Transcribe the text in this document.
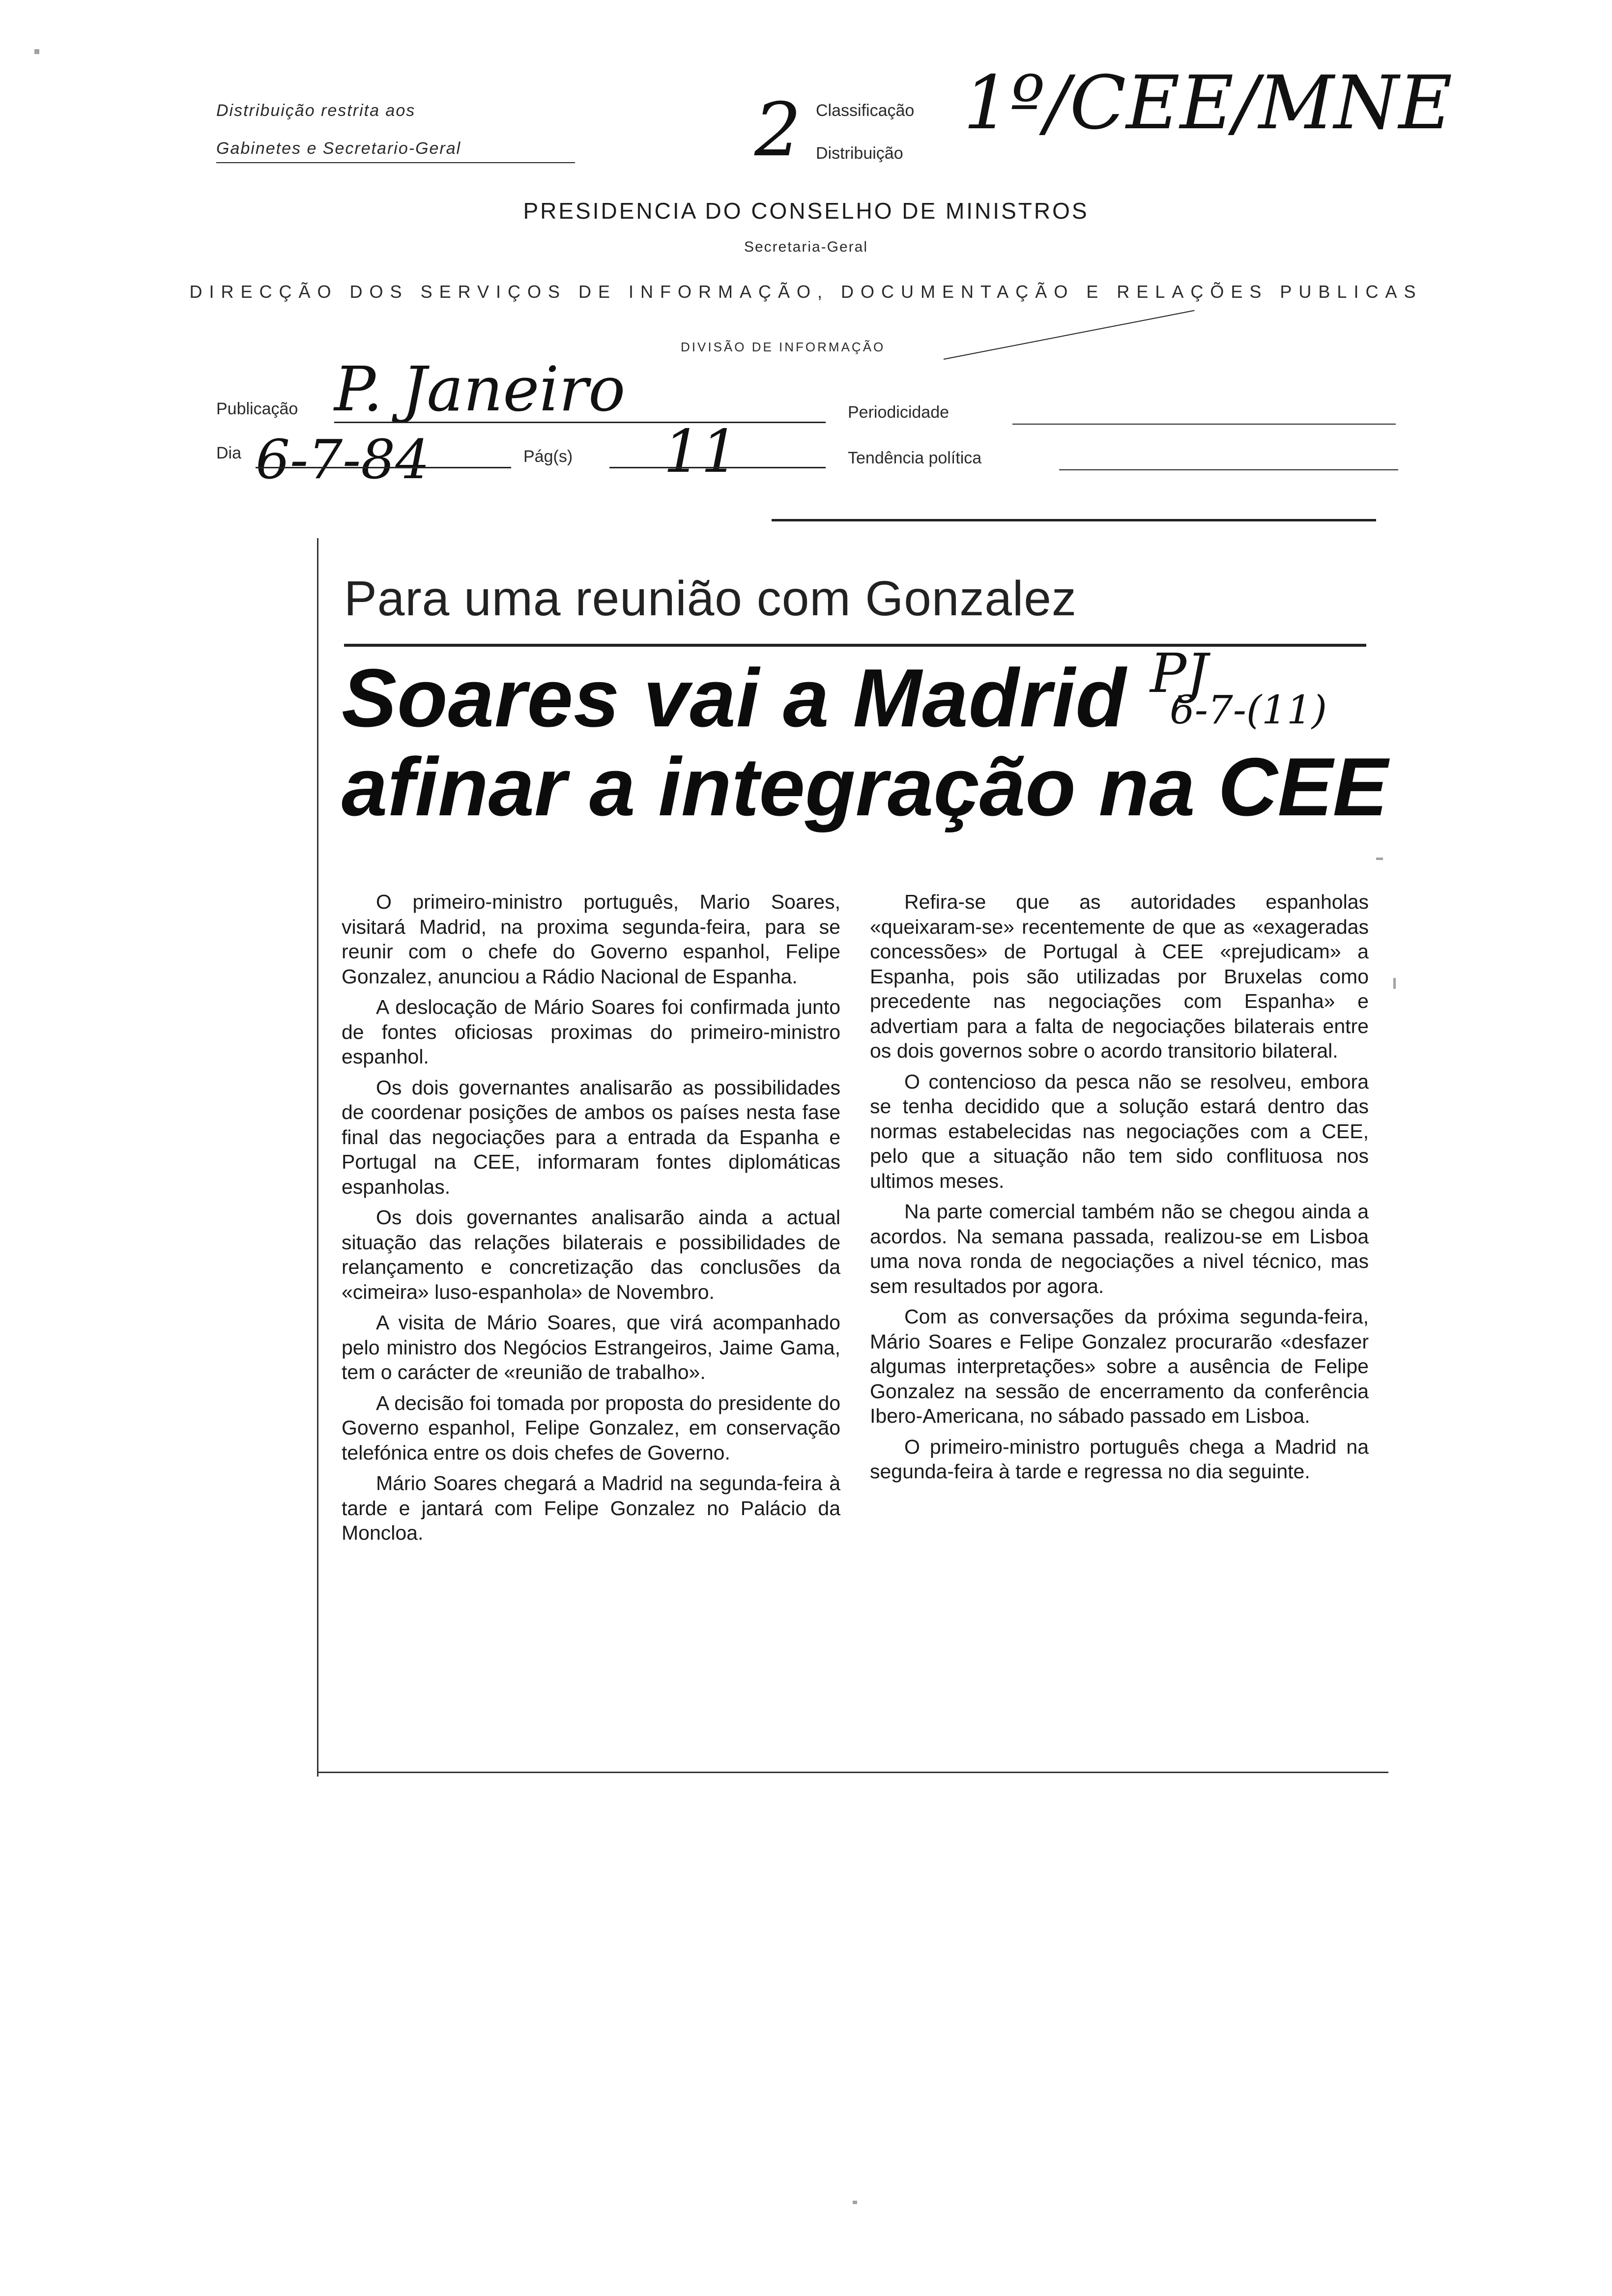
Distribuição restrita aos
Gabinetes e Secretario-Geral	2 Classificação
Distribuição
1º/CEE/MNE
PRESIDENCIA DO CONSELHO DE MINISTROS
Secretaria-Geral
DIRECÇÃO DOS SERVIÇOS DE INFORMAÇÃO, DOCUMENTAÇÃO E RELAÇÕES PUBLICAS
DIVISÃO DE INFORMAÇÃO
Publicação P. Janeiro	Periodicidade
Dia 6-7-84	Pág(s) 11	Tendência política
Para uma reunião com Gonzalez
Soares vai a Madrid
afinar a integração na CEE
PJ
6-7-(11)

O primeiro-ministro português, Mario Soares, visitará Madrid, na proxima segunda-feira, para se reunir com o chefe do Governo espanhol, Felipe Gonzalez, anunciou a Rádio Nacional de Espanha.

A deslocação de Mário Soares foi confirmada junto de fontes oficiosas proximas do primeiro-ministro espanhol.

Os dois governantes analisarão as possibilidades de coordenar posições de ambos os países nesta fase final das negociações para a entrada da Espanha e Portugal na CEE, informaram fontes diplomáticas espanholas.

Os dois governantes analisarão ainda a actual situação das relações bilaterais e possibilidades de relançamento e concretização das conclusões da «cimeira» luso-espanhola» de Novembro.

A visita de Mário Soares, que virá acompanhado pelo ministro dos Negócios Estrangeiros, Jaime Gama, tem o carácter de «reunião de trabalho».

A decisão foi tomada por proposta do presidente do Governo espanhol, Felipe Gonzalez, em conservação telefónica entre os dois chefes de Governo.

Mário Soares chegará a Madrid na segunda-feira à tarde e jantará com Felipe Gonzalez no Palácio da Moncloa.

Refira-se que as autoridades espanholas «queixaram-se» recentemente de que as «exageradas concessões» de Portugal à CEE «prejudicam» a Espanha, pois são utilizadas por Bruxelas como precedente nas negociações com Espanha» e advertiam para a falta de negociações bilaterais entre os dois governos sobre o acordo transitorio bilateral.

O contencioso da pesca não se resolveu, embora se tenha decidido que a solução estará dentro das normas estabelecidas nas negociações com a CEE, pelo que a situação não tem sido conflituosa nos ultimos meses.

Na parte comercial também não se chegou ainda a acordos. Na semana passada, realizou-se em Lisboa uma nova ronda de negociações a nivel técnico, mas sem resultados por agora.

Com as conversações da próxima segunda-feira, Mário Soares e Felipe Gonzalez procurarão «desfazer algumas interpretações» sobre a ausência de Felipe Gonzalez na sessão de encerramento da conferência Ibero-Americana, no sábado passado em Lisboa.

O primeiro-ministro português chega a Madrid na segunda-feira à tarde e regressa no dia seguinte.
